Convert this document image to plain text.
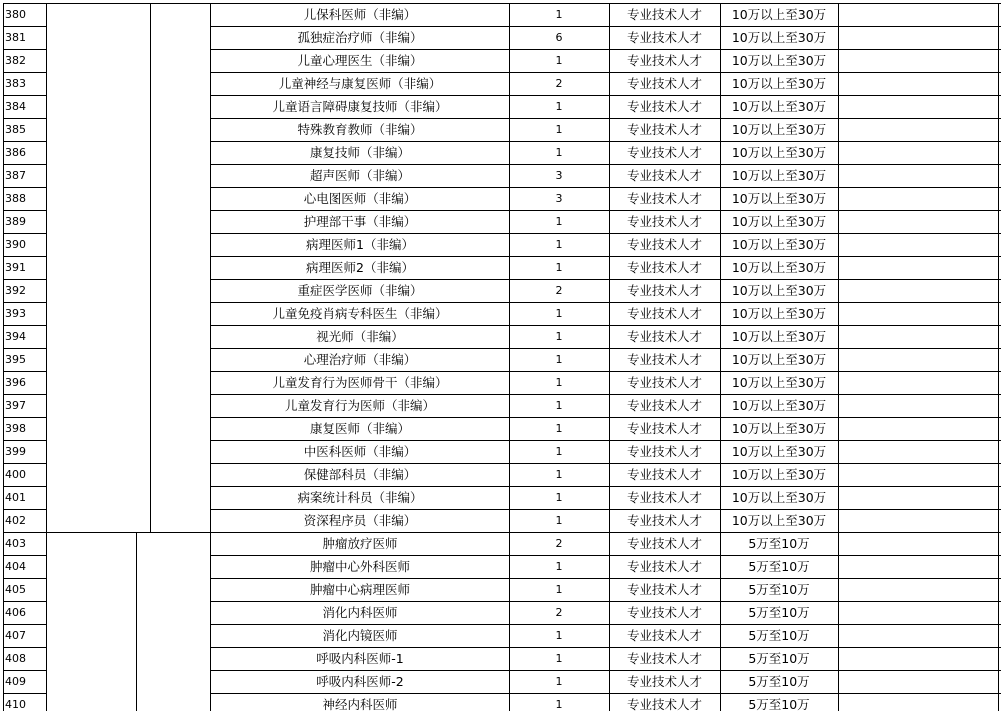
380	儿保科医师（非编）	1	专业技术人才	10万以上至30万
381	孤独症治疗师（非编）	6	专业技术人才	10万以上至30万
382	儿童心理医生（非编）	1	专业技术人才	10万以上至30万
383	儿童神经与康复医师（非编）	2	专业技术人才	10万以上至30万
384	儿童语言障碍康复技师（非编）	1	专业技术人才	10万以上至30万
385	特殊教育教师（非编）	1	专业技术人才	10万以上至30万
386	康复技师（非编）	1	专业技术人才	10万以上至30万
387	超声医师（非编）	3	专业技术人才	10万以上至30万
388	心电图医师（非编）	3	专业技术人才	10万以上至30万
389	护理部干事（非编）	1	专业技术人才	10万以上至30万
390	病理医师1（非编）	1	专业技术人才	10万以上至30万
391	病理医师2（非编）	1	专业技术人才	10万以上至30万
392	重症医学医师（非编）	2	专业技术人才	10万以上至30万
393	儿童免疫肖病专科医生（非编）	1	专业技术人才	10万以上至30万
394	视光师（非编）	1	专业技术人才	10万以上至30万
395	心理治疗师（非编）	1	专业技术人才	10万以上至30万
396	儿童发育行为医师骨干（非编）	1	专业技术人才	10万以上至30万
397	儿童发育行为医师（非编）	1	专业技术人才	10万以上至30万
398	康复医师（非编）	1	专业技术人才	10万以上至30万
399	中医科医师（非编）	1	专业技术人才	10万以上至30万
400	保健部科员（非编）	1	专业技术人才	10万以上至30万
401	病案统计科员（非编）	1	专业技术人才	10万以上至30万
402	资深程序员（非编）	1	专业技术人才	10万以上至30万
403	肿瘤放疗医师	2	专业技术人才	5万至10万
404	肿瘤中心外科医师	1	专业技术人才	5万至10万
405	肿瘤中心病理医师	1	专业技术人才	5万至10万
406	消化内科医师	2	专业技术人才	5万至10万
407	消化内镜医师	1	专业技术人才	5万至10万
408	呼吸内科医师-1	1	专业技术人才	5万至10万
409	呼吸内科医师-2	1	专业技术人才	5万至10万
410	神经内科医师	1	专业技术人才	5万至10万
